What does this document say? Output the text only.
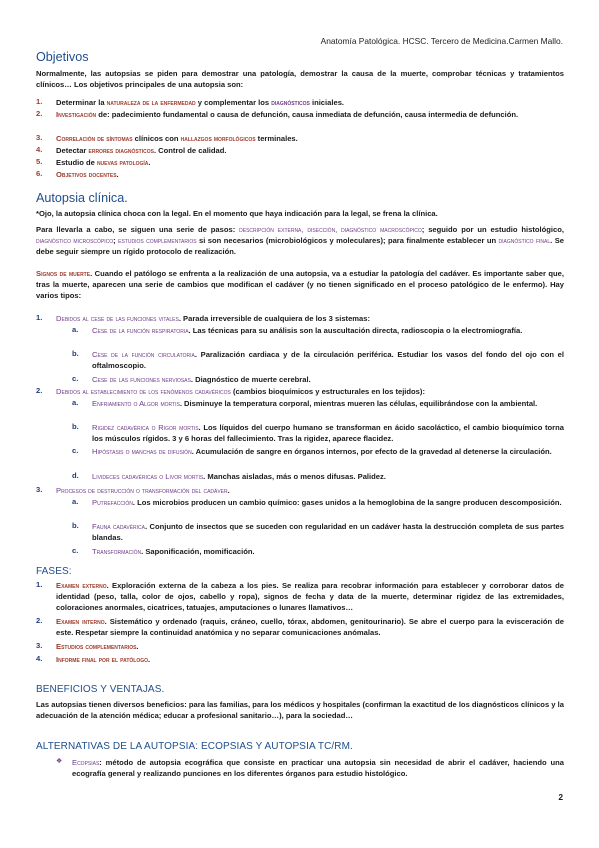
Anatomía Patológica. HCSC. Tercero de Medicina.Carmen Mallo.
Objetivos
Normalmente, las autopsias se piden para demostrar una patología, demostrar la causa de la muerte, comprobar técnicas y tratamientos clínicos… Los objetivos principales de una autopsia son:
1.	Determinar la naturaleza de la enfermedad y complementar los diagnósticos iniciales.
2.	Investigación de: padecimiento fundamental o causa de defunción, causa inmediata de defunción, causa intermedia de defunción.
3.	Correlación de síntomas clínicos con hallazgos morfológicos terminales.
4.	Detectar errores diagnósticos. Control de calidad.
5.	Estudio de nuevas patología.
6.	Objetivos docentes.
Autopsia clínica.
*Ojo, la autopsia clínica choca con la legal. En el momento que haya indicación para la legal, se frena la clínica.
Para llevarla a cabo, se siguen una serie de pasos: descripción externa, disección, diagnóstico macroscópico; seguido por un estudio histológico, diagnóstico microscópico; estudios complementarios si son necesarios (microbiológicos y moleculares); para finalmente establecer un diagnóstico final. Se debe seguir siempre un rígido protocolo de realización.
Signos de muerte. Cuando el patólogo se enfrenta a la realización de una autopsia, va a estudiar la patología del cadáver. Es importante saber que, tras la muerte, aparecen una serie de cambios que modifican el cadáver (y no tienen significado en el proceso patológico de le enfermo). Hay varios tipos:
1.	Debidos al cese de las funciones vitales. Parada irreversible de cualquiera de los 3 sistemas:
a. Cese de la función respiratoria. Las técnicas para su análisis son la auscultación directa, radioscopia o la electromiografía.
b. Cese de la función circulatoria. Paralización cardiaca y de la circulación periférica. Estudiar los vasos del fondo del ojo con el oftalmoscopio.
c. Cese de las funciones nerviosas. Diagnóstico de muerte cerebral.
2.	Debidos al establecimiento de los fenómenos cadavéricos (cambios bioquímicos y estructurales en los tejidos):
a. Enfriamiento o Algor mortis. Disminuye la temperatura corporal, mientras mueren las células, equilibrándose con la ambiental.
b. Rigidez cadavérica o Rigor mortis. Los líquidos del cuerpo humano se transforman en ácido sacoláctico, el cambio bioquímico torna los músculos rígidos. 3 y 6 horas del fallecimiento. Tras la rigidez, aparece flacidez.
c. Hipóstasis o manchas de difusión. Acumulación de sangre en órganos internos, por efecto de la gravedad al detenerse la circulación.
d. Livideces cadavéricas o Livor mortis. Manchas aisladas, más o menos difusas. Palidez.
3.	Procesos de destrucción o transformación del cadáver.
a. Putrefacción. Los microbios producen un cambio químico: gases unidos a la hemoglobina de la sangre producen descomposición.
b. Fauna cadavérica. Conjunto de insectos que se suceden con regularidad en un cadáver hasta la destrucción completa de sus partes blandas.
c. Transformación. Saponificación, momificación.
FASES:
1.	Examen externo. Exploración externa de la cabeza a los pies. Se realiza para recobrar información para establecer y corroborar datos de identidad (peso, talla, color de ojos, cabello y ropa), signos de fecha y data de la muerte, determinar rigidez de las extremidades, coloraciones anormales, cicatrices, tatuajes, amputaciones o lunares llamativos…
2.	Examen interno. Sistemático y ordenado (raquis, cráneo, cuello, tórax, abdomen, genitourinario). Se abre el cuerpo para la evisceración de este. Respetar siempre la continuidad anatómica y no separar comunicaciones anómalas.
3.	Estudios complementarios.
4.	Informe final por el patólogo.
BENEFICIOS Y VENTAJAS.
Las autopsias tienen diversos beneficios: para las familias, para los médicos y hospitales (confirman la exactitud de los diagnósticos clínicos y la adecuación de la atención médica; educar a profesional sanitario…), para la sociedad…
ALTERNATIVAS DE LA AUTOPSIA: ECOPSIAS Y AUTOPSIA TC/RM.
❖ Ecopsias: método de autopsia ecográfica que consiste en practicar una autopsia sin necesidad de abrir el cadáver, haciendo una ecografía general y realizando punciones en los diferentes órganos para estudio histológico.
2
